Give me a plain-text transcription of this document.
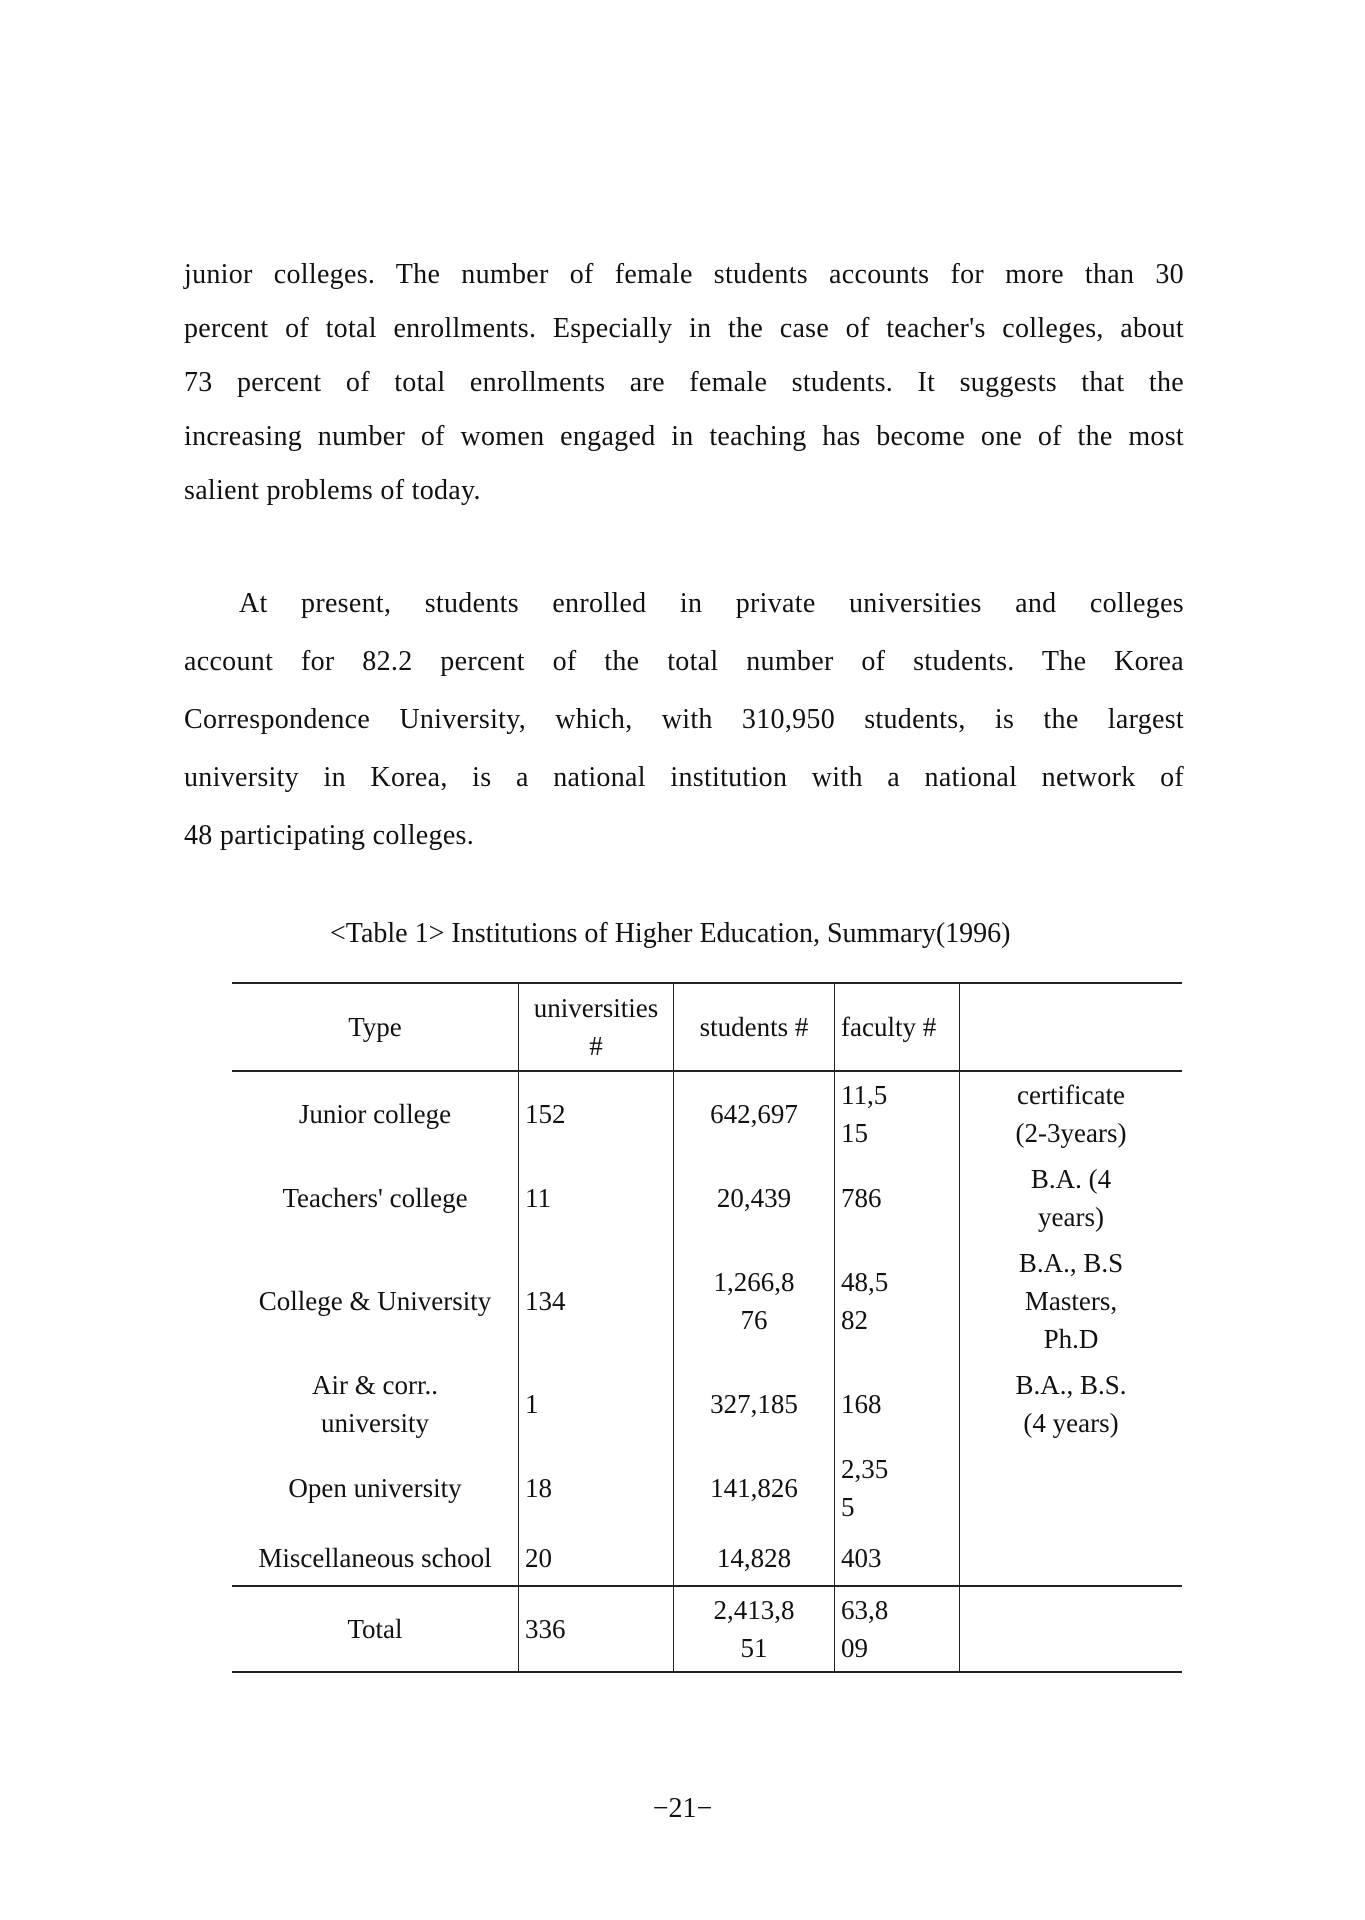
junior colleges. The number of female students accounts for more than 30
percent of total enrollments. Especially in the case of teacher's colleges, about
73 percent of total enrollments are female students. It suggests that the
increasing number of women engaged in teaching has become one of the most
salient problems of today.
At present, students enrolled in private universities and colleges
account for 82.2 percent of the total number of students. The Korea
Correspondence University, which, with 310,950 students, is the largest
university in Korea, is a national institution with a national network of
48 participating colleges.
<Table 1> Institutions of Higher Education, Summary(1996)
Type	universities #	students #	faculty #	
Junior college	152	642,697	11,515	certificate (2-3years)
Teachers' college	11	20,439	786	B.A. (4 years)
College & University	134	1,266,876	48,582	B.A., B.S Masters, Ph.D
Air & corr.. university	1	327,185	168	B.A., B.S. (4 years)
Open university	18	141,826	2,355	
Miscellaneous school	20	14,828	403	
Total	336	2,413,851	63,809	
−21−
